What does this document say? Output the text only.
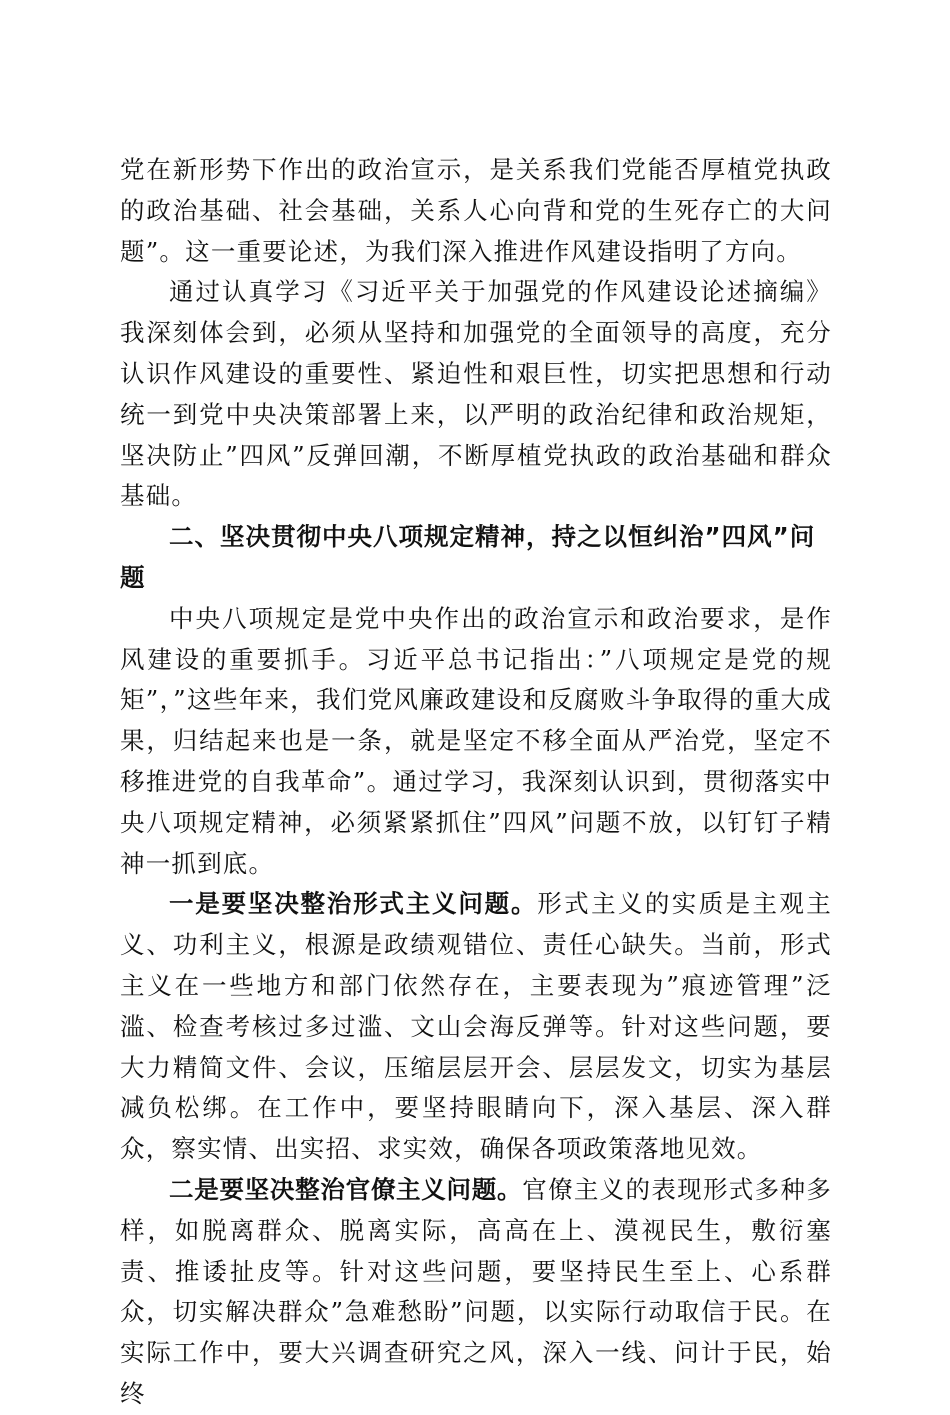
党在新形势下作出的政治宣示，是关系我们党能否厚植党执政的政治基础、社会基础，关系人心向背和党的生死存亡的大问题”。这一重要论述，为我们深入推进作风建设指明了方向。

通过认真学习《习近平关于加强党的作风建设论述摘编》我深刻体会到，必须从坚持和加强党的全面领导的高度，充分认识作风建设的重要性、紧迫性和艰巨性，切实把思想和行动统一到党中央决策部署上来，以严明的政治纪律和政治规矩，坚决防止”四风”反弹回潮，不断厚植党执政的政治基础和群众基础。

二、坚决贯彻中央八项规定精神，持之以恒纠治”四风”问题

中央八项规定是党中央作出的政治宣示和政治要求，是作风建设的重要抓手。习近平总书记指出：”八项规定是党的规矩”，”这些年来，我们党风廉政建设和反腐败斗争取得的重大成果，归结起来也是一条，就是坚定不移全面从严治党，坚定不移推进党的自我革命”。通过学习，我深刻认识到，贯彻落实中央八项规定精神，必须紧紧抓住”四风”问题不放，以钉钉子精神一抓到底。

一是要坚决整治形式主义问题。形式主义的实质是主观主义、功利主义，根源是政绩观错位、责任心缺失。当前，形式主义在一些地方和部门依然存在，主要表现为”痕迹管理”泛滥、检查考核过多过滥、文山会海反弹等。针对这些问题，要大力精简文件、会议，压缩层层开会、层层发文，切实为基层减负松绑。在工作中，要坚持眼睛向下，深入基层、深入群众，察实情、出实招、求实效，确保各项政策落地见效。

二是要坚决整治官僚主义问题。官僚主义的表现形式多种多样，如脱离群众、脱离实际，高高在上、漠视民生，敷衍塞责、推诿扯皮等。针对这些问题，要坚持民生至上、心系群众，切实解决群众”急难愁盼”问题，以实际行动取信于民。在实际工作中，要大兴调查研究之风，深入一线、问计于民，始终
